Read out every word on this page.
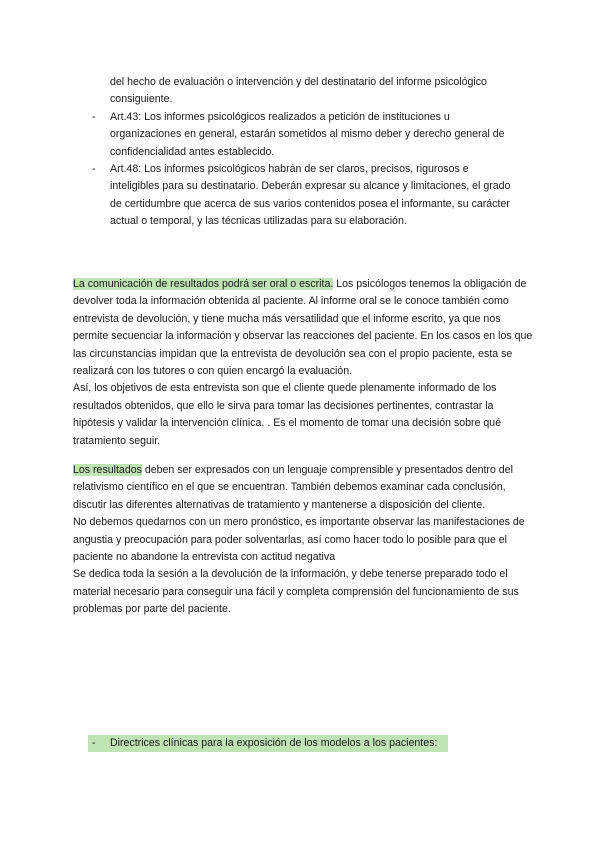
del hecho de evaluación o intervención y del destinatario del informe psicológico consiguiente.
-	Art.43: Los informes psicológicos realizados a petición de instituciones u organizaciones en general, estarán sometidos al mismo deber y derecho general de confidencialidad antes establecido.
-	Art.48: Los informes psicológicos habrán de ser claros, precisos, rigurosos e inteligibles para su destinatario. Deberán expresar su alcance y limitaciones, el grado de certidumbre que acerca de sus varios contenidos posea el informante, su carácter actual o temporal, y las técnicas utilizadas para su elaboración.
La comunicación de resultados podrá ser oral o escrita. Los psicólogos tenemos la obligación de devolver toda la información obtenida al paciente. Al informe oral se le conoce también como entrevista de devolución, y tiene mucha más versatilidad que el informe escrito, ya que nos permite secuenciar la información y observar las reacciones del paciente. En los casos en los que las circunstancias impidan que la entrevista de devolución sea con el propio paciente, esta se realizará con los tutores o con quien encargó la evaluación.
Así, los objetivos de esta entrevista son que el cliente quede plenamente informado de los resultados obtenidos, que ello le sirva para tomar las decisiones pertinentes, contrastar la hipótesis y validar la intervención clínica. . Es el momento de tomar una decisión sobre qué tratamiento seguir.
Los resultados deben ser expresados con un lenguaje comprensible y presentados dentro del relativismo científico en el que se encuentran. También debemos examinar cada conclusión, discutir las diferentes alternativas de tratamiento y mantenerse a disposición del cliente.
No debemos quedarnos con un mero pronóstico, es importante observar las manifestaciones de angustia y preocupación para poder solventarlas, así como hacer todo lo posible para que el paciente no abandone la entrevista con actitud negativa
Se dedica toda la sesión a la devolución de la información, y debe tenerse preparado todo el material necesario para conseguir una fácil y completa comprensión del funcionamiento de sus problemas por parte del paciente.
- Directrices clínicas para la exposición de los modelos a los pacientes:
